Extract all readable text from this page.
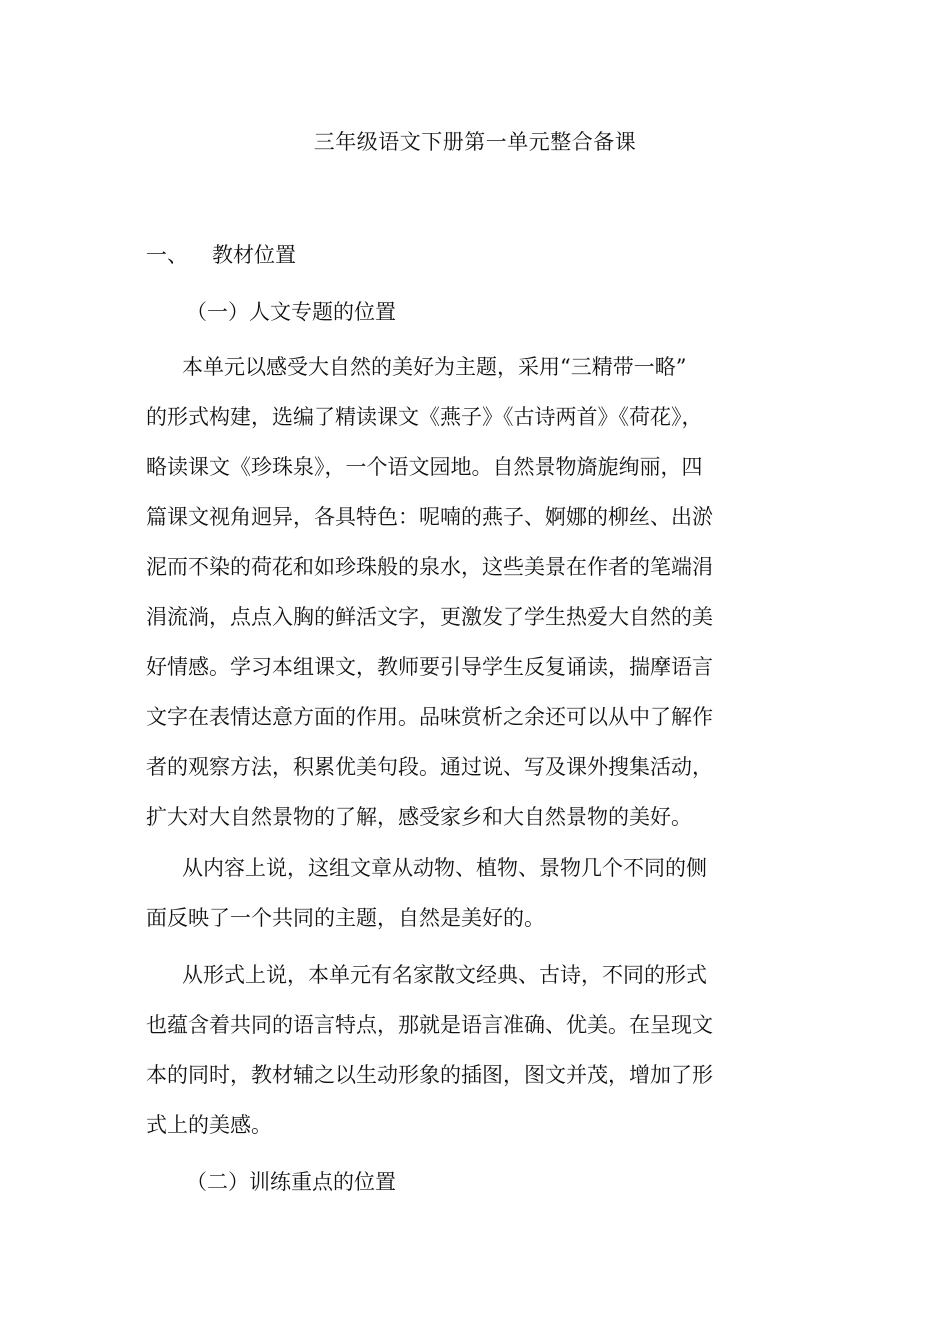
三年级语文下册第一单元整合备课
一、 教材位置
（一）人文专题的位置
本单元以感受大自然的美好为主题，采用“三精带一略”
的形式构建，选编了精读课文《燕子》《古诗两首》《荷花》，
略读课文《珍珠泉》，一个语文园地。自然景物旖旎绚丽，四
篇课文视角迥异，各具特色：呢喃的燕子、婀娜的柳丝、出淤
泥而不染的荷花和如珍珠般的泉水，这些美景在作者的笔端涓
涓流淌，点点入胸的鲜活文字，更激发了学生热爱大自然的美
好情感。学习本组课文，教师要引导学生反复诵读，揣摩语言
文字在表情达意方面的作用。品味赏析之余还可以从中了解作
者的观察方法，积累优美句段。通过说、写及课外搜集活动，
扩大对大自然景物的了解，感受家乡和大自然景物的美好。
从内容上说，这组文章从动物、植物、景物几个不同的侧
面反映了一个共同的主题，自然是美好的。
从形式上说，本单元有名家散文经典、古诗，不同的形式
也蕴含着共同的语言特点，那就是语言准确、优美。在呈现文
本的同时，教材辅之以生动形象的插图，图文并茂，增加了形
式上的美感。
（二）训练重点的位置
